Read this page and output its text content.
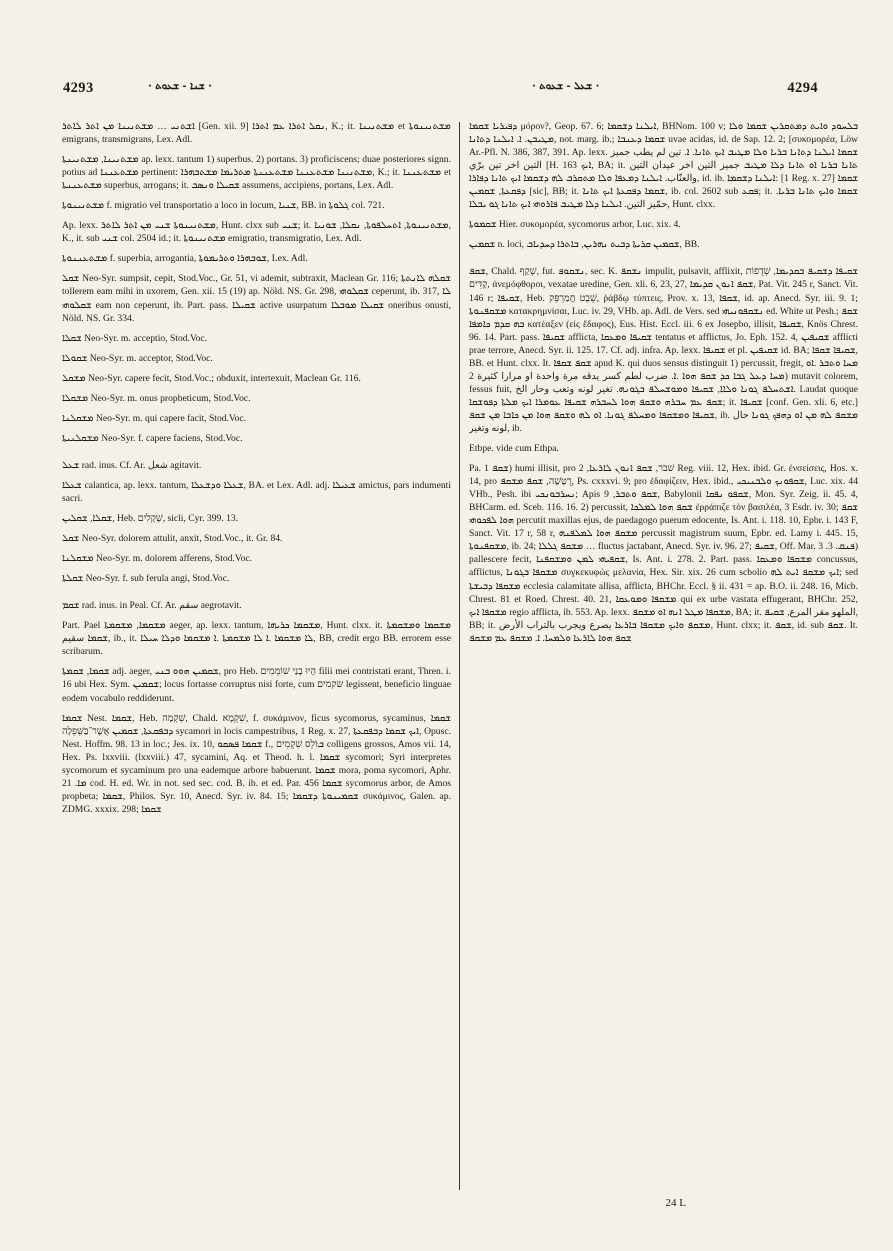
4293	· ܫܢܐ - ܫܥܘܬ ·	· ܫܥܠ - ܫܥܘܬ ·	4294
ܐܫܬܢܝ … ܡܫܬܢܝܢܐ ܡܢ ܐܬܪ ܠܐܬܪ [Gen. xii. 9] ܢܩܠ ܐܬܪܐ ܥܡ ܐܬܪܐ, K.; it. ܡܫܬܢܝܢܐ et ܡܫܬܢܝܢܘܬܐ emigrans, transmigrans, Lex. Adl.
ܡܫܬܢܝܢܐ, ܡܫܬܢܝܢܬܐ ap. lexx. tantum 1) superbus. 2) portans. 3) proficiscens; duae posteriores signn. potius ad ܡܫܬܥܢܢܐ pertinent: ܡܫܬܢܝܢܐ ܡܫܬܥܢܢܐ ܡܫܬܥܢܢܬܐ ܡܬܪܝܡܐ ܡܫܬܒܗܪܐ, K.; it. ܡܫܬܥܢܢܐ et ܡܫܬܥܢܢܬܐ superbus, arrogans; it. ܫܩܝܠܐ ܘܢܣܒ assumens, accipiens, portans, Lex. Adl.
ܡܫܬܢܝܢܘܬܐ f. migratio vel transportatio a loco in locum, ܫܢܝܐ, BB. in ܓܠܘܬܐ col. 721.
Ap. lexx. ܡܫܬܢܝܢܘܬܐ ܫܢܝ ܡܢ ܐܬܪ ܠܐܬܪ, Hunt. clxx sub ܫܢܝ; it. ܡܫܬܢܝܢܘܬܐ, ܐܬܚܠܦܘܬܐ, ܢܩܠܐ, ܫܘܢܝܐ, K., it. sub ܫܢܝ col. 2504 id.; it. ܡܫܬܢܝܢܘܬܐ emigratio, transmigratio, Lex. Adl.
ܡܫܬܥܢܢܘܬܐ f. superbia, arrogantia, ܫܘܒܗܪܐ ܘܬܪܝܡܘܬܐ, Lex. Adl.
ܫܩܠ Neo-Syr. sumpsit, cepit, Stod.Voc., Gr. 51, vi ademit, subtraxit, Maclean Gr. 116; ܫܩܠܗ ܠܐܢܬܬܐ tollerem eam mihi in uxorem, Gen. xii. 15 (19) ap. Nöld. NS. Gr. 298, ܫܩܠܘܗܝ ceperunt, ib. 317, ܠܐ ܫܩܠܘܗܝ eam non ceperunt, ib. Part. pass. ܫܩܝܠܐ active usurpatum ܫܩܝܠܐ ܡܘܒܠܐ oneribus onusti, Nöld. NS. Gr. 334.
ܫܩܠܐ Neo-Syr. m. acceptio, Stod.Voc.
ܫܩܘܠܐ Neo-Syr. m. acceptor, Stod.Voc.
ܡܫܩܠ Neo-Syr. capere fecit, Stod.Voc.; obduxit, intertexuit, Maclean Gr. 116.
ܡܫܩܠܐ Neo-Syr. m. onus propbeticum, Stod.Voc.
ܡܫܩܠܢܐ Neo-Syr. m. qui capere facit, Stod.Voc.
ܡܫܩܠܢܝܬܐ Neo-Syr. f. capere faciens, Stod.Voc.
ܫܥܠ rad. inus. Cf. Ar. شعل agitavit.
ܫܥܠܐ calantica, ap. lexx. tantum, ܫܥܠܐ ܘܕܫܥܠܐ, BA. et Lex. Adl. adj. ܫܥܝܠܐ amictus, pars indumenti sacri.
ܫܩܠܐ, ܫܩܠܝܢ, Heb. שְׁקָלִים, sicli, Cyr. 399. 13.
ܫܩܠ Neo-Syr. dolorem attulit, anxit, Stod.Voc., it. Gr. 84.
ܡܫܩܠܢܐ Neo-Syr. m. dolorem afferens, Stod.Voc.
ܫܩܠܬܐ Neo-Syr. f. sub ferula angi, Stod.Voc.
ܫܩܡ rad. inus. in Peal. Cf. Ar. سقم aegrotavit.
Part. Pael ܡܫܩܡܐ, ܡܫܩܡܬܐ aeger, ap. lexx. tantum, ܡܫܩܡܐ ܟܪܝܗܐ, Hunt. clxx. it. ܡܫܩܡܐ ܘܡܫܩܡܬܐ ܫܩܡܐ سقيم, ib., it. ܠܐ ܡܫܩܡܐ .ܐ ܠܐ ܡܫܩܡܬܐ .ܐ ܡܫܩܡܐ ܘܕܠܐ ܚܝܠܐ, BB, credit ergo BB. errorem esse scribarum.
ܫܩܡܐ, ܫܩܡܬܐ adj. aeger, ܫܩܡܝܢ ܗܘܘ ܒܢܝ, pro Heb. הָיוּ בָנַי שׁוֹמֵמִים filii mei contristati erant, Thren. i. 16 ubi Hex. Sym. ܫܩܡܝܢ; locus fortasse corruptus nisi forte, cum שקמים legissent, beneficio linguae eodem vocabulo reddiderunt.
ܫܩܡܐ Nest. ܫܩܡܐ, Heb. שִׁקְמָה, Chald. שִׁקְמָא, f. συκάμινον, ficus sycomorus, sycaminus, ܫܩܡܐ ܕܒܦܩܥܬܐ, ܫܩܡܝܢ אֲשֶׁר־בַּשְּׁפֵלָה sycamori in locis campestribus, 1 Reg. x. 27, ܐܝܟ ܫܩܡܐ ܕܒܦܩܥܬܐ, Opusc. Nest. Hoffm. 98. 13 in loc.; Jes. ix. 10, ܫܩܡܐ ܦܣܩܘ f., ܒּוֹלֵס שִׁקְמִים colligens grossos, Amos vii. 14, Hex. Ps. lxxviii. (lxxviii.) 47, sycamini, Aq. et Theod. h. l. ܫܩܡܐ sycomori; Syri interpretes sycomorum et sycaminum pro una eademque arbore babuerunt. ܫܩܡܐ mora, poma sycomori, Aphr. ܡܐ. 21 cod. H. ed. Wr. in not. sed sec. cod. B. ib. et ed. Par. 456 ܫܩܡܐ sycomorus arbor, de Amos propbeta; ܫܩܡܐ, Philos. Syr. 10, Anecd. Syr. iv. 84. 15; ܫܩܡܝܢܘܬܐ ܕܫܩܡܐ συκάμινος, Galen. ap. ZDMG. xxxix. 298; ܫܩܡܐ
ܕܦܝܪܝܐ ܫܩܡܐ μόρον?, Geop. 67. 6; ܐܝܠܢܐ ܕܫܩܡܐ, BHNom. 100 v; ܒܠܚܘܕ ܘܐܝܬ ܕܡܬܩܪܝܢ ܫܩܡܐ ܘܠܐ ܡܛܝܒܢ. ܐ. ܐܝܠܢܐ ܕܬܐܢܐ, not. marg. ib.; ܫܩܡܐ ܕܥܢܒܐ uvae acidas, id. de Sap. 12. 2; [συκομορέα, Löw Ar.-Pfl. N. 386, 387, 391. Ap. lexx. ܫܩܡܐ ܐܝܠܢܐ ܕܬܐܢܐ ܒܪܝܐ ܘܠܐ ܡܛܝܒ ܐܝܟ ܬܐܢܐ. ܐ. تين لم يطب جميز التين اخر تين برّي [H. 163 ܐܝܟ, BA; it. ܬܐܢܐ ܒܪܝܐ ܐܘ ܬܐܢܐ ܕܠܐ ܡܛܝܒ جميز التين اخر عيدان التين والعنّاب. ܐܝܠܢܐ ܕܡܥܦܐ ܘܠܐ ܡܬܩܪܒ ܠܗ ܕܫܩܡܐ ܐܝܟ ܬܐܢܐ ܕܦܐܪܐ, id. ib. ܐܝܠܢܐ ܕܫܩܡܐ: [1 Reg. x. 27] ܫܩܡܐ ܕܦܩܥܬܐ, ܫܩܡܝܢ [sic], BB; it. ܫܩܡܐ ܕܦܩܥܬܐ ܐܝܟ ܬܐܢܐ, ib. col. 2602 sub ܦܩܥ; it. ܫܩܡܐ ܘܐܝܟ ܬܐܢܐ ܒܪܝܐ. حمّيز التين. ܐܝܠܢܐ ܕܠܐ ܡܛܝܒ ܦܐܪܘܗܝ ܐܝܟ ܬܐܢܐ ܓܘ ܝܒܠܐ, Hunt. clxx.
ܫܩܡܘܬܐ Hier. συκομορέα, sycomorus arbor, Luc. xix. 4.
ܫܩܡܝܢ n. loci, ܫܩܡܝܢ ܩܪܝܬܐ ܕܒܝܬ ܢܗܪܝܢ, ܒܐܬܪܐ ܕܚܕܝܐܒ, BB.
ܫܩܦ, Chald. שְׁקַף, fut. ܢܫܩܘܦ, sec. K. ܢܫܩܦ impulit, pulsavit, afflixit, ܫܩܝܦܐ ܕܫܩܝܦ ܒܩܕܝܡܐ, שְׁדֻפוֹת קָדִים, ἀνεμόφθοροι, vexatae uredine, Gen. xli. 6, 23, 27, ܫܩܦ ܐܢܘܢ ܩܕܝܡܐ, Pat. Vit. 245 r, Sanct. Vit. 146 r; ܫܩܝܦܐ, Heb. שֵׁבֶט חֲמַרְפֵּק, ῥάβδῳ τύπτεις, Prov. x. 13, ܫܩܦܐ, id. ap. Anecd. Syr. iii. 9. 1; ܡܫܩܦܢܘܬܐ κατακρημνίσαι, Luc. iv. 29, VHb. ap. Adl. de Vers. sed ܢܫܩܦܘܢܝܗܝ ed. White ut Pesh.; ܫܩܦ ܒܗ ܩܕܡ ܟܐܡܦܐ κατέαξεν (εἰς ἔδαφος), Eus. Hist. Eccl. iii. 6 ex Josepbo, illisit, ܫܩܝܦܐ, Knös Chrest. 96. 14. Part. pass. ܫܩܝܦܐ afflicta, ܫܩܝܦܐ ܘܡܥܩܐ tentatus et afflictus, Jo. Eph. 152. 4, ܫܩܝܦܝܢ afflicti prae terrore, Anecd. Syr. ii. 125. 17. Cf. adj. infra. Ap. lexx. ܫܩܝܦܐ et pl. ܫܩܝܦܝܢ id. BA; ܫܩܝܦܐ ܫܩܦܐ, BB. et Hunt. clxx. It. ܫܩܦ ܫܩܦܐ apud K. qui duos sensus distinguit 1) percussit, fregit, ܡܚܐ ܘܬܒܪ .ܐܘ ܡܚܐ ܕܥܠ ܓܒܐ ܟܕ ܫܩܦ ܗܘܐ .ܐ. ضرب لطم كسر يدقه مرة واحدة او مرارا كثيرة 2) mutavit colorem, fessus fuit, ܐܫܬܚܠܦ ܓܘܢܐ ܘܠܐܐ, ܫܩܝܦܐ ܘܡܘܫܚܠܦ ܒܓܘܢܗ. تغير لونه وتعب وحار الخ. Laudat quoque ܫܩܦ ܥܡ ܚܒܪܗ ܘܫܩܦ ܗܘܐ ܠܚܒܪܗ ܫܩܝܦܐ ܥܘܡܪܐ ܐܝܟ ܡܠܬܐ ܕܦܘܫܩܐ; it. ܫܩܝܦܐ [conf. Gen. xli. 6, etc.] ܫܩܝܦܐ ܘܡܫܩܦܐ ܘܡܚܠܦ ܓܘܢܐ. ܐܘ ܠܗ ܘܫܩܦ ܗܘܐ ܡܢ ܟܐܒܐ ܡܢ ܫܩܦ, ib. ܡܫܩܦ ܠܗ ܡܢ ܐܘ ܕܗܦܟ ܓܘܢܐ حال لونه وتغير, ib.
Etbpe. vide cum Ethpa.
Pa. ܫܩܦ 1) humi illisit, pro שׁבר, ܫܩܦ ܐܢܘܢ ܠܐܪܥܐ, 2 Reg. viii. 12, Hex. ibid. Gr. ἐνσείσεις, Hos. x. 14, pro רֻטָּשָׁה, ܫܩܦ ܡܫܩܦ, Ps. cxxxvi. 9; pro ἐδαφίζειν, Hex. ibid., ܫܩܦܘܢܟ ܘܠܒܢܝܟܝ, Luc. xix. 44 VHb., Pesh. ibi ܢܚܪܒܘܢܟܝ; Apis ܫܩܦ ܘܬܒܪ, 9, Babylonii ܫܩܦܘ ܢܦܩܐ, Mon. Syr. Zeig. ii. 45. 4, BHCarm. ed. Sceb. 116. 16. 2) percussit, ܫܩܦ ܗܘܐ ܠܡܠܟܐ ἐρράπιζε τὸν βασιλέα, 3 Esdr. iv. 30; ܫܩܦ ܗܘܐ ܠܦܟܘܗܝ percutit maxillas ejus, de paedagogo puerum edocente, Is. Ant. i. 118. 10, Epbr. i. 143 F, Sanct. Vit. 17 r, 58 r, ܡܫܩܦ ܗܘܐ ܠܡܠܦܢܗ percussit magistrum suum, Epbr. ed. Lamy i. 445. 15, ܡܫܩܦܢܘܬܐ, ib. 24; ܡܫܩܦ ܓܠܠܐ … fluctus jactabant, Anecd. Syr. iv. 96. 27; ܫܩܝܦ, Off. Mar. ܦܢܩ. 3. 3) pallescere fecit, ܫܩܦܝܗܝ ܠܡܢ ܘܡܫܩܦܢܐ, Is. Ant. i. 278. 2. Part. pass. ܡܫܩܦܐ ܘܡܥܩܐ concussus, afflictus, ܡܫܩܦܐ ܒܓܘܢܐ συγκεκυφὼς μελανία, Hex. Sir. xix. 26 cum scbolio ܐܝܟ ܡܫܩܦ ܐܝܬ ܠܗ; sed ܡܫܩܦܐ ܕܒܝܫܬܐ ecclesia calamitate allisa, afflicta, BHChr. Eccl. § ii. 431 = ap. B.O. ii. 248. 16, Micb. Chrest. 81 et Roed. Chrest. 40. 21, ܡܫܩܦܐ ܘܡܘܥܩܐ qui ex urbe vastata effugerant, BHChr. 252, ܡܫܩܦܐ ܐܝܟ regio afflicta, ib. 553. Ap. lexx. ܡܫܩܦܐ ܡܛܠ ܐܢܗ ܐܘ ܡܫܩܦ, BA; it. الملهو مقر المرع, ܫܩܝܦ, BB; it. ܡܫܩܦ ܘܐܝܟ ܡܫܩܦܐ ܒܐܪܥܐ يصرع ويجرب بالتراب الأرض, Hunt. clxx; it. ܫܩܦ, id. sub ܫܩܦ. It. ܫܩܦ ܗܘܐ ܠܐܪܥܐ ܘܠܡܚܐ. ܐ. ܡܫܩܦ ܥܡ ܡܫܩܦ
24 L
